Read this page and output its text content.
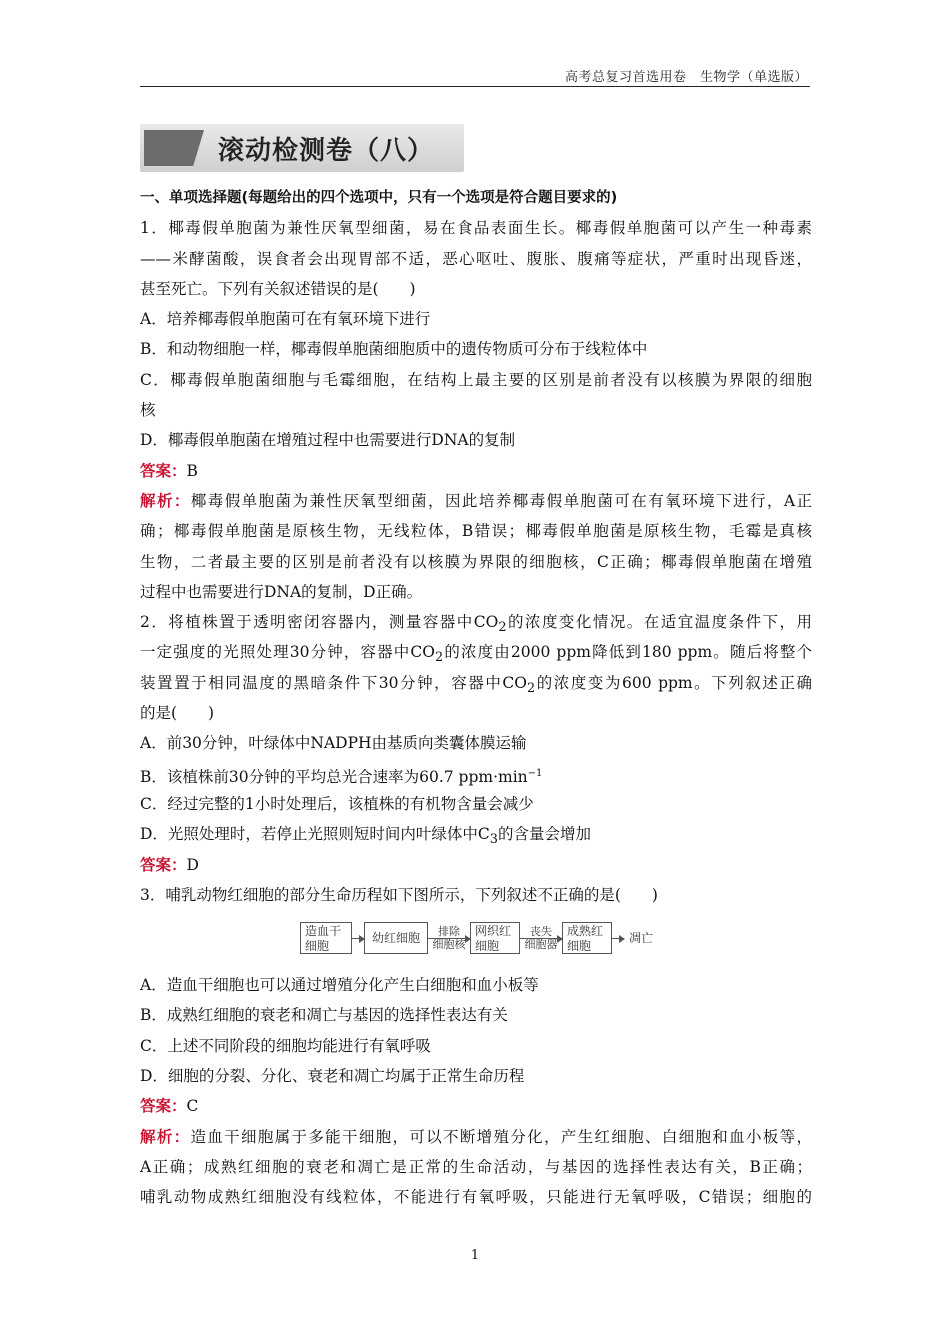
高考总复习首选用卷　生物学（单选版）
滚动检测卷（八）
一、单项选择题(每题给出的四个选项中，只有一个选项是符合题目要求的)
1．椰毒假单胞菌为兼性厌氧型细菌，易在食品表面生长。椰毒假单胞菌可以产生一种毒素
——米酵菌酸，误食者会出现胃部不适，恶心呕吐、腹胀、腹痛等症状，严重时出现昏迷，
甚至死亡。下列有关叙述错误的是(　　)
A．培养椰毒假单胞菌可在有氧环境下进行
B．和动物细胞一样，椰毒假单胞菌细胞质中的遗传物质可分布于线粒体中
C．椰毒假单胞菌细胞与毛霉细胞，在结构上最主要的区别是前者没有以核膜为界限的细胞
核
D．椰毒假单胞菌在增殖过程中也需要进行DNA的复制
答案：B
解析：椰毒假单胞菌为兼性厌氧型细菌，因此培养椰毒假单胞菌可在有氧环境下进行，A正
确；椰毒假单胞菌是原核生物，无线粒体，B错误；椰毒假单胞菌是原核生物，毛霉是真核
生物，二者最主要的区别是前者没有以核膜为界限的细胞核，C正确；椰毒假单胞菌在增殖
过程中也需要进行DNA的复制，D正确。
2．将植株置于透明密闭容器内，测量容器中$CO_2$的浓度变化情况。在适宜温度条件下，用
一定强度的光照处理30分钟，容器中$CO_2$的浓度由2000 ppm降低到180 ppm。随后将整个
装置置于相同温度的黑暗条件下30分钟，容器中$CO_2$的浓度变为600 ppm。下列叙述正确
的是(　　)
A．前30分钟，叶绿体中NADPH由基质向类囊体膜运输
B．该植株前30分钟的平均总光合速率为60.7 $ppm\cdot\min^{-1}$
C．经过完整的1小时处理后，该植株的有机物含量会减少
D．光照处理时，若停止光照则短时间内叶绿体中$C_3$的含量会增加
答案：D
3．哺乳动物红细胞的部分生命历程如下图所示，下列叙述不正确的是(　　)
造血干
细胞
幼红细胞	排除
细胞核
网织红
细胞
丧失
细胞器
成熟红
细胞
凋亡
A．造血干细胞也可以通过增殖分化产生白细胞和血小板等
B．成熟红细胞的衰老和凋亡与基因的选择性表达有关
C．上述不同阶段的细胞均能进行有氧呼吸
D．细胞的分裂、分化、衰老和凋亡均属于正常生命历程
答案：C
解析：造血干细胞属于多能干细胞，可以不断增殖分化，产生红细胞、白细胞和血小板等，
A正确；成熟红细胞的衰老和凋亡是正常的生命活动，与基因的选择性表达有关，B正确；
哺乳动物成熟红细胞没有线粒体，不能进行有氧呼吸，只能进行无氧呼吸，C错误；细胞的
1
